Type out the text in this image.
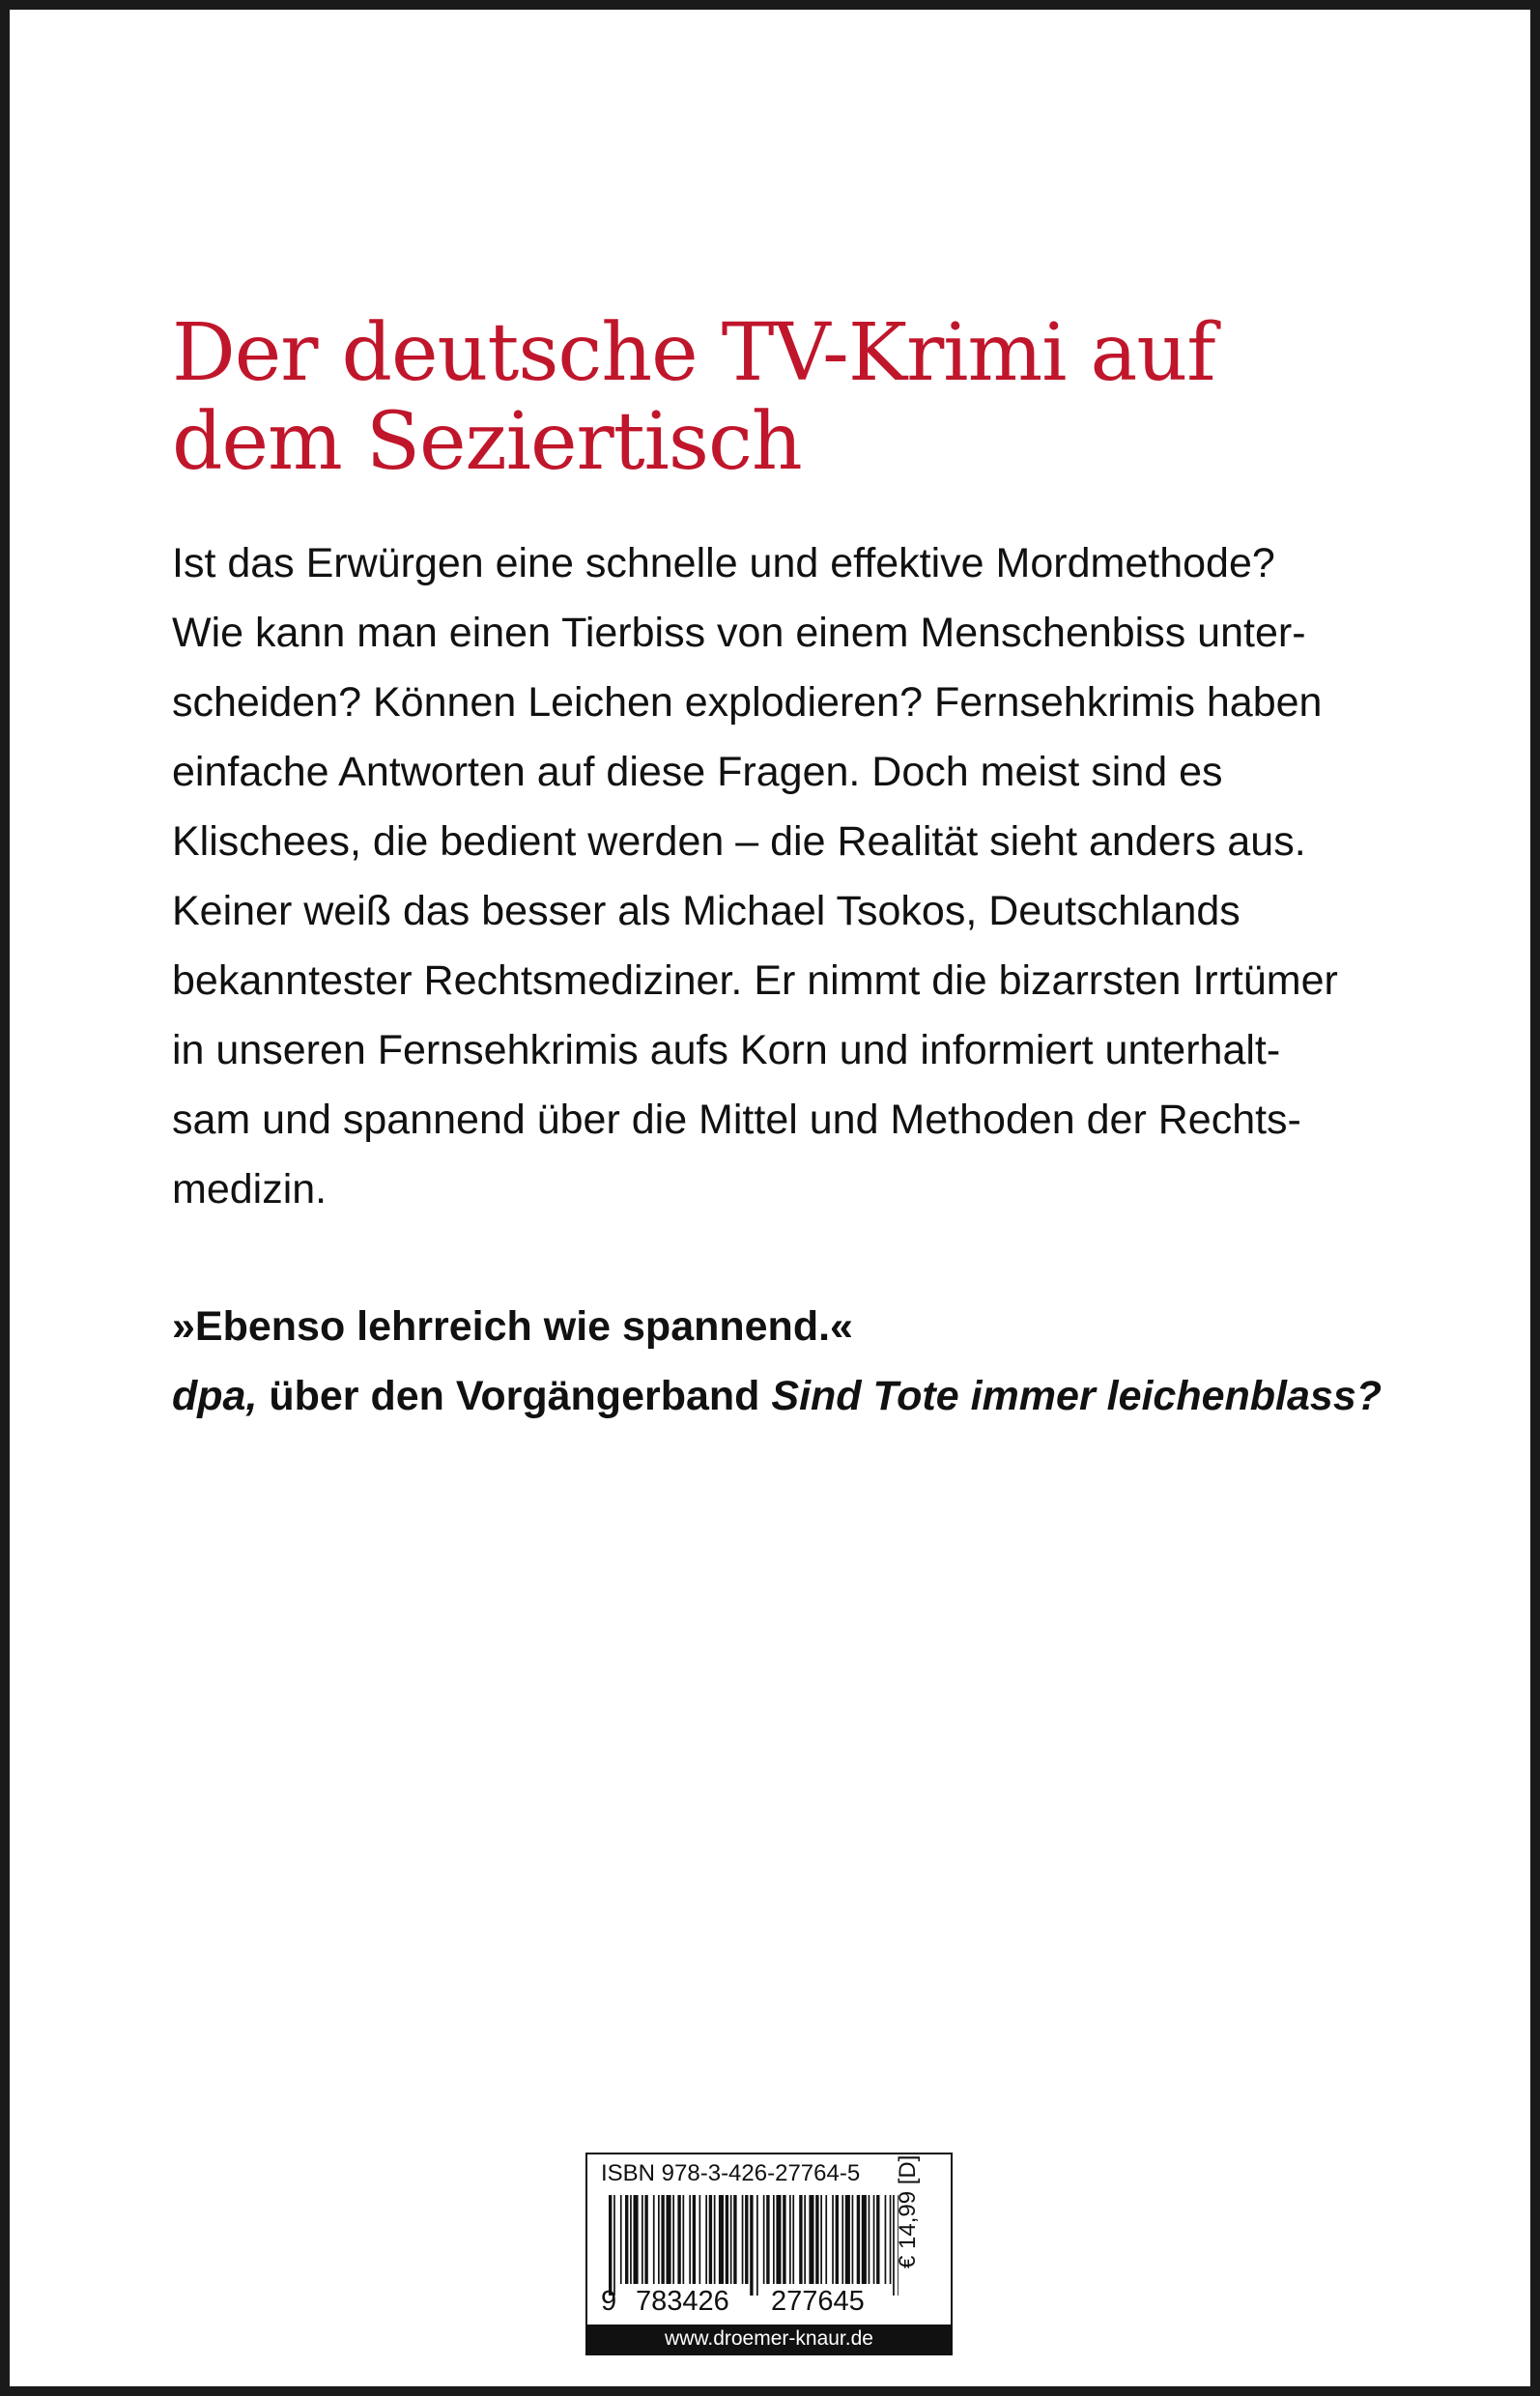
Der deutsche TV-Krimi auf
dem Seziertisch
Ist das Erwürgen eine schnelle und effektive Mordmethode?
Wie kann man einen Tierbiss von einem Menschenbiss unter-
scheiden? Können Leichen explodieren? Fernsehkrimis haben
einfache Antworten auf diese Fragen. Doch meist sind es
Klischees, die bedient werden – die Realität sieht anders aus.
Keiner weiß das besser als Michael Tsokos, Deutschlands
bekanntester Rechtsmediziner. Er nimmt die bizarrsten Irrtümer
in unseren Fernsehkrimis aufs Korn und informiert unterhalt-
sam und spannend über die Mittel und Methoden der Rechts-
medizin.
»Ebenso lehrreich wie spannend.«
dpa, über den Vorgängerband Sind Tote immer leichenblass?
ISBN 978-3-426-27764-5
9 783426 277645
€ 14,99 [D]
www.droemer-knaur.de
